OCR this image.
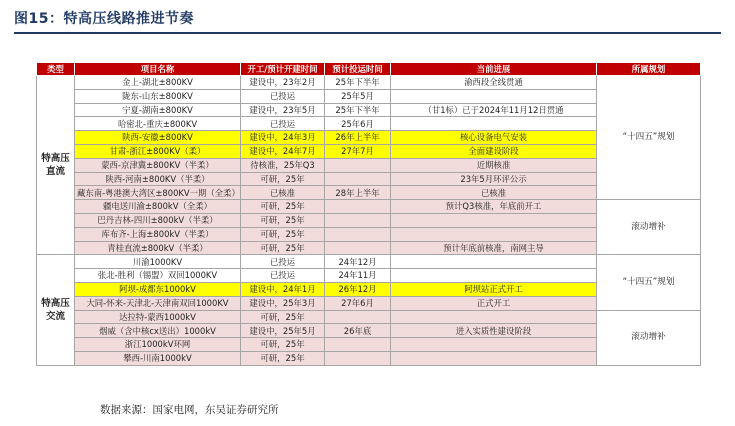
图15：特高压线路推进节奏
类型	项目名称	开工/预计开建时间	预计投运时间	当前进展	所属规划
特高压
直流	金上-湖北±800KV	建设中，23年2月	25年下半年	渝西段全线贯通	“十四五”规划
	陇东-山东±800KV	已投运	25年5月		
	宁夏-湖南±800KV	建设中，23年5月	25年下半年	（甘1标）已于2024年11月12日贯通	
	哈密北-重庆±800KV	已投运	25年6月		
	陕西-安徽±800KV	建设中，24年3月	26年上半年	核心设备电气安装	
	甘肃-浙江±800KV（柔）	建设中，24年7月	27年7月	全面建设阶段	
	蒙西-京津冀±800KV（半柔）	待核准，25年Q3		近期核准	
	陕西-河南±800KV（半柔）	可研，25年		23年5月环评公示	
	藏东南-粤港澳大湾区±800KV一期（全柔）	已核准	28年上半年	已核准	
	疆电送川渝±800kV（全柔）	可研，25年		预计Q3核准，年底前开工	滚动增补
	巴丹吉林-四川±800kV（半柔）	可研，25年			
	库布齐-上海±800kV（半柔）	可研，25年			
	青桂直流±800kV（半柔）	可研，25年		预计年底前核准，南网主导	
特高压
交流	川渝1000KV	已投运	24年12月		“十四五”规划
	张北-胜利（锡盟）双回1000KV	已投运	24年11月		
	阿坝-成都东1000kV	建设中，24年1月	26年12月	阿坝站正式开工	
	大同-怀来-天津北-天津南双回1000KV	建设中，25年3月	27年6月	正式开工	
	达拉特-蒙西1000kV	可研，25年			滚动增补
	烟威（含中核cx送出）1000kV	建设中，25年5月	26年底	进入实质性建设阶段	
	浙江1000kV环网	可研，25年			
	攀西-川南1000kV	可研，25年			
数据来源：国家电网，东吴证券研究所
